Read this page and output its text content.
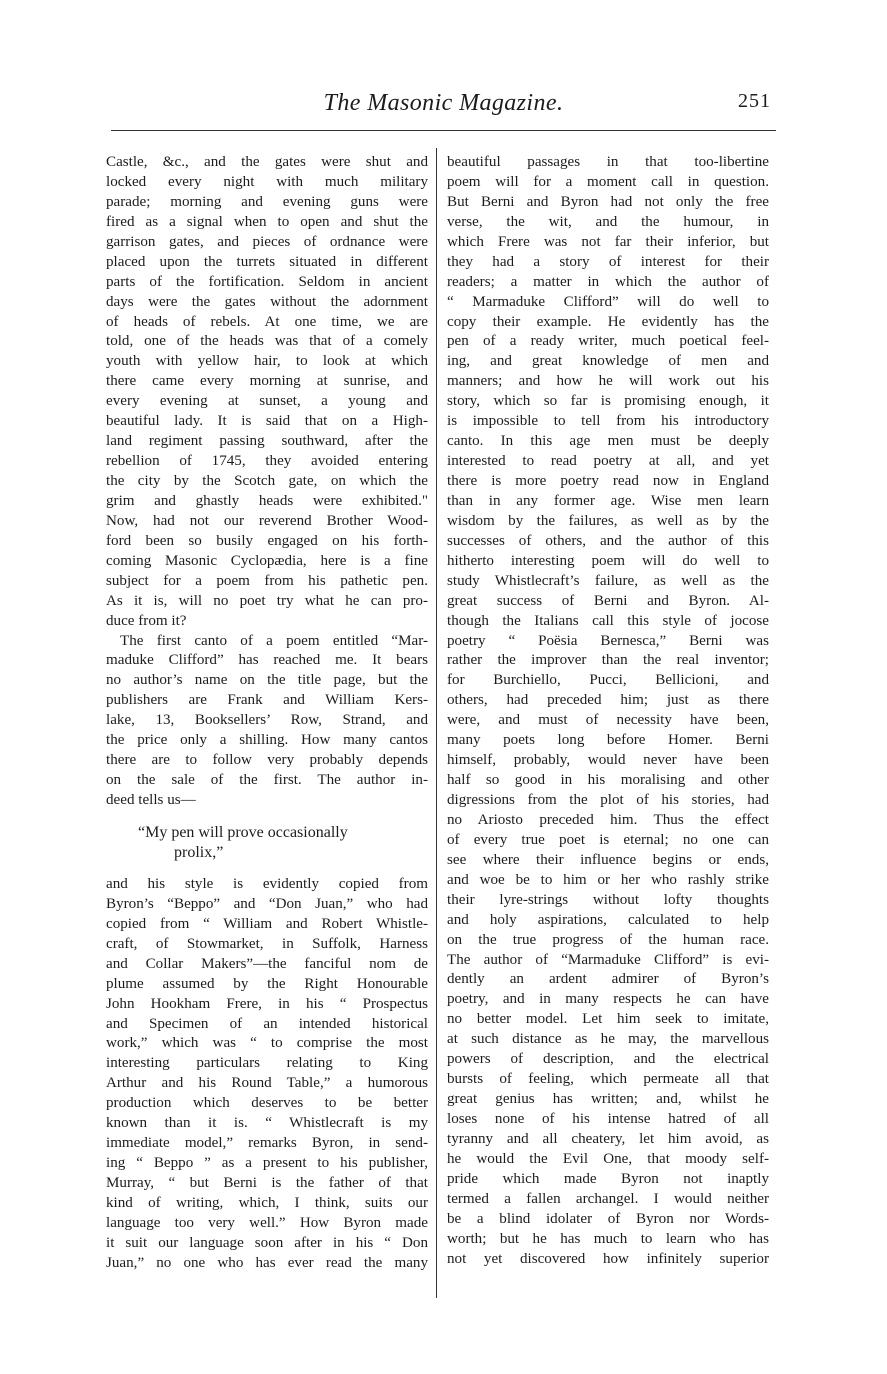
The Masonic Magazine.	251
Castle, &c., and the gates were shut and
locked every night with much military
parade; morning and evening guns were
fired as a signal when to open and shut the
garrison gates, and pieces of ordnance were
placed upon the turrets situated in different
parts of the fortification. Seldom in ancient
days were the gates without the adornment
of heads of rebels. At one time, we are
told, one of the heads was that of a comely
youth with yellow hair, to look at which
there came every morning at sunrise, and
every evening at sunset, a young and
beautiful lady. It is said that on a High-
land regiment passing southward, after the
rebellion of 1745, they avoided entering
the city by the Scotch gate, on which the
grim and ghastly heads were exhibited."
Now, had not our reverend Brother Wood-
ford been so busily engaged on his forth-
coming Masonic Cyclopædia, here is a fine
subject for a poem from his pathetic pen.
As it is, will no poet try what he can pro-
duce from it?
The first canto of a poem entitled “Mar-
maduke Clifford” has reached me. It bears
no author’s name on the title page, but the
publishers are Frank and William Kers-
lake, 13, Booksellers’ Row, Strand, and
the price only a shilling. How many cantos
there are to follow very probably depends
on the sale of the first. The author in-
deed tells us—
“My pen will prove occasionally
prolix,”
and his style is evidently copied from
Byron’s “Beppo” and “Don Juan,” who had
copied from “ William and Robert Whistle-
craft, of Stowmarket, in Suffolk, Harness
and Collar Makers”—the fanciful nom de
plume assumed by the Right Honourable
John Hookham Frere, in his “ Prospectus
and Specimen of an intended historical
work,” which was “ to comprise the most
interesting particulars relating to King
Arthur and his Round Table,” a humorous
production which deserves to be better
known than it is. “ Whistlecraft is my
immediate model,” remarks Byron, in send-
ing “ Beppo ” as a present to his publisher,
Murray, “ but Berni is the father of that
kind of writing, which, I think, suits our
language too very well.” How Byron made
it suit our language soon after in his “ Don
Juan,” no one who has ever read the many
beautiful passages in that too-libertine
poem will for a moment call in question.
But Berni and Byron had not only the free
verse, the wit, and the humour, in
which Frere was not far their inferior, but
they had a story of interest for their
readers; a matter in which the author of
“ Marmaduke Clifford” will do well to
copy their example. He evidently has the
pen of a ready writer, much poetical feel-
ing, and great knowledge of men and
manners; and how he will work out his
story, which so far is promising enough, it
is impossible to tell from his introductory
canto. In this age men must be deeply
interested to read poetry at all, and yet
there is more poetry read now in England
than in any former age. Wise men learn
wisdom by the failures, as well as by the
successes of others, and the author of this
hitherto interesting poem will do well to
study Whistlecraft’s failure, as well as the
great success of Berni and Byron. Al-
though the Italians call this style of jocose
poetry “ Poësia Bernesca,” Berni was
rather the improver than the real inventor;
for Burchiello, Pucci, Bellicioni, and
others, had preceded him; just as there
were, and must of necessity have been,
many poets long before Homer. Berni
himself, probably, would never have been
half so good in his moralising and other
digressions from the plot of his stories, had
no Ariosto preceded him. Thus the effect
of every true poet is eternal; no one can
see where their influence begins or ends,
and woe be to him or her who rashly strike
their lyre-strings without lofty thoughts
and holy aspirations, calculated to help
on the true progress of the human race.
The author of “Marmaduke Clifford” is evi-
dently an ardent admirer of Byron’s
poetry, and in many respects he can have
no better model. Let him seek to imitate,
at such distance as he may, the marvellous
powers of description, and the electrical
bursts of feeling, which permeate all that
great genius has written; and, whilst he
loses none of his intense hatred of all
tyranny and all cheatery, let him avoid, as
he would the Evil One, that moody self-
pride which made Byron not inaptly
termed a fallen archangel. I would neither
be a blind idolater of Byron nor Words-
worth; but he has much to learn who has
not yet discovered how infinitely superior
